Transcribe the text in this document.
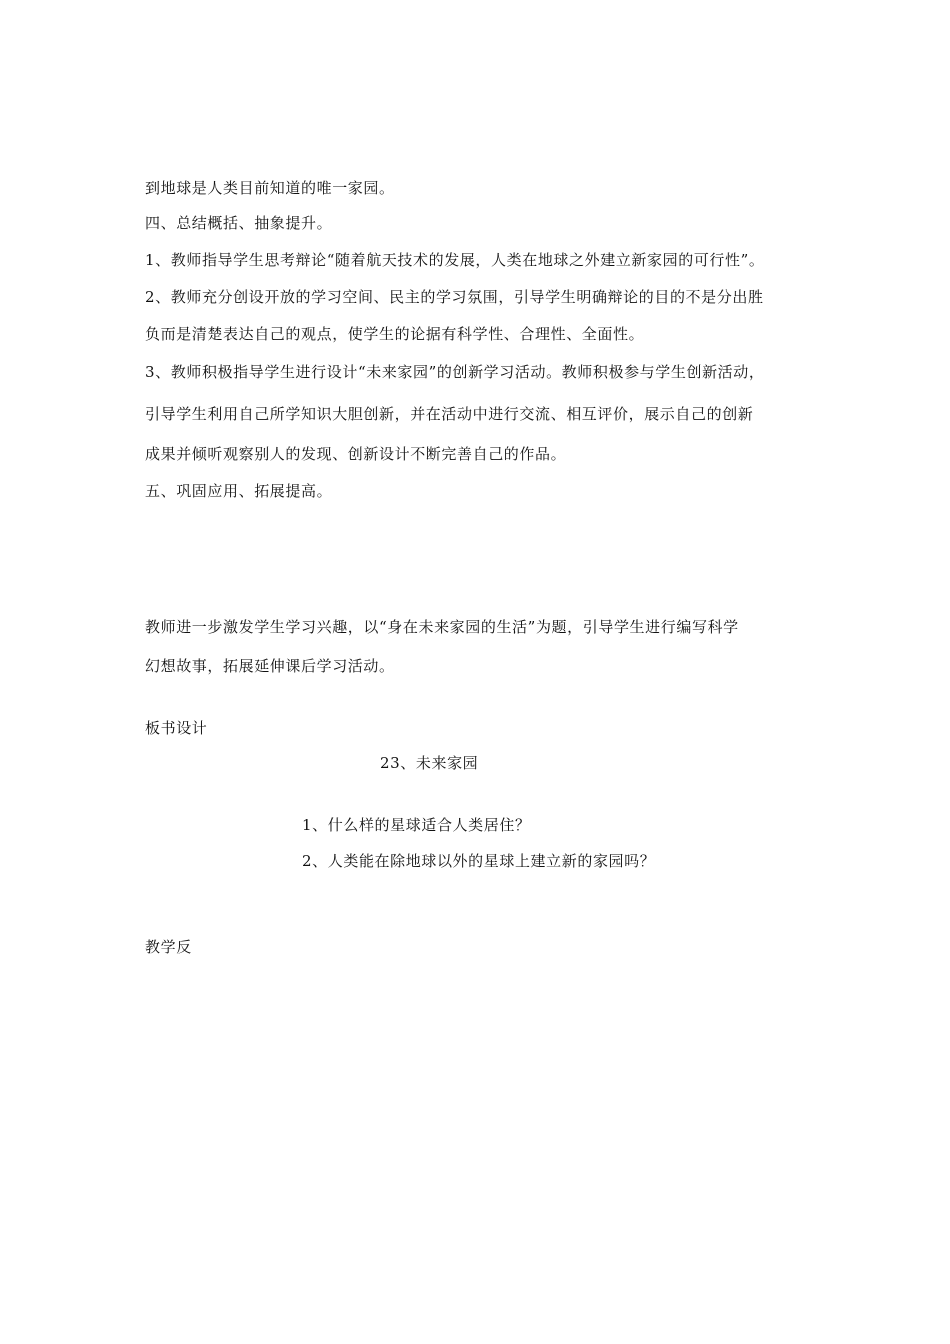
到地球是人类目前知道的唯一家园。
四、总结概括、抽象提升。
1、教师指导学生思考辩论“随着航天技术的发展，人类在地球之外建立新家园的可行性”。
2、教师充分创设开放的学习空间、民主的学习氛围，引导学生明确辩论的目的不是分出胜
负而是清楚表达自己的观点，使学生的论据有科学性、合理性、全面性。
3、教师积极指导学生进行设计“未来家园”的创新学习活动。教师积极参与学生创新活动，
引导学生利用自己所学知识大胆创新，并在活动中进行交流、相互评价，展示自己的创新
成果并倾听观察别人的发现、创新设计不断完善自己的作品。
五、巩固应用、拓展提高。
教师进一步激发学生学习兴趣，以“身在未来家园的生活”为题，引导学生进行编写科学
幻想故事，拓展延伸课后学习活动。
板书设计
23、未来家园
1、什么样的星球适合人类居住？
2、人类能在除地球以外的星球上建立新的家园吗？
教学反
